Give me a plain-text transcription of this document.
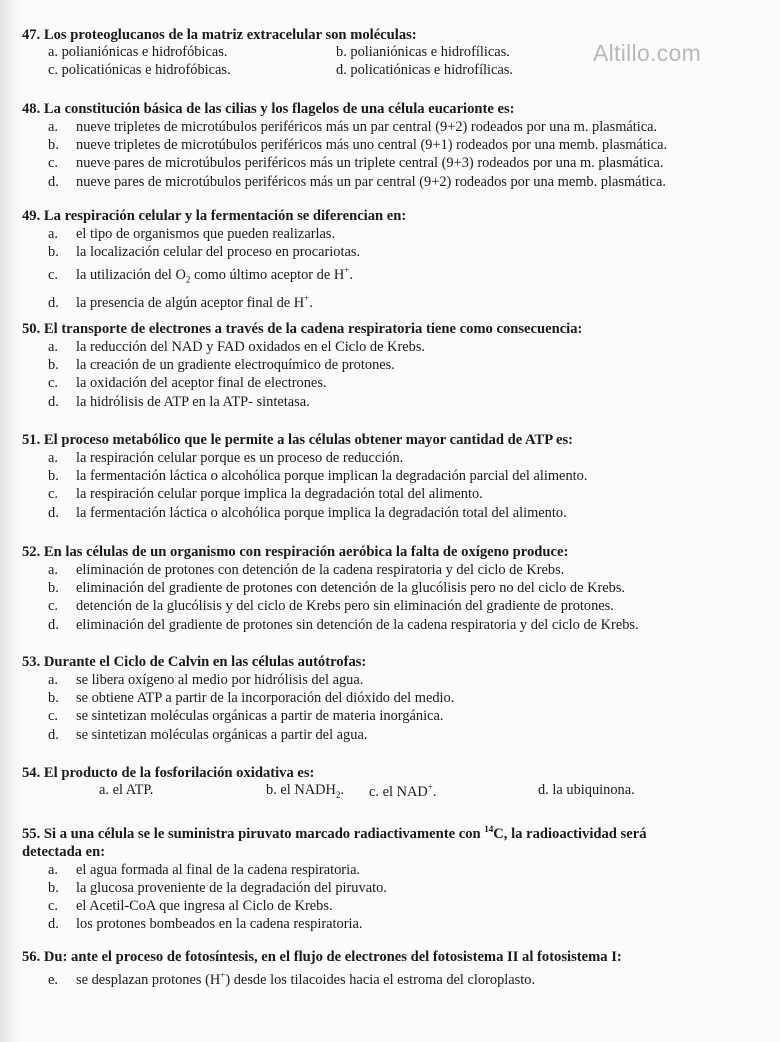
Altillo.com

47. Los proteoglucanos de la matriz extracelular son moléculas:

a. polianiónicas e hidrofóbicas.	b. polianiónicas e hidrofílicas.
c. policatiónicas e hidrofóbicas.	d. policatiónicas e hidrofílicas.

48. La constitución básica de las cilias y los flagelos de una célula eucarionte es:

a. nueve tripletes de microtúbulos periféricos más un par central (9+2) rodeados por una m. plasmática.
b. nueve tripletes de microtúbulos periféricos más uno central (9+1) rodeados por una memb. plasmática.
c. nueve pares de microtúbulos periféricos más un triplete central (9+3) rodeados por una m. plasmática.
d. nueve pares de microtúbulos periféricos más un par central (9+2) rodeados por una memb. plasmática.

49. La respiración celular y la fermentación se diferencian en:

a. el tipo de organismos que pueden realizarlas.
b. la localización celular del proceso en procariotas.
c. la utilización del $O_2$ como último aceptor de H+.
d. la presencia de algún aceptor final de H+.

50. El transporte de electrones a través de la cadena respiratoria tiene como consecuencia:

a. la reducción del NAD y FAD oxidados en el Ciclo de Krebs.
b. la creación de un gradiente electroquímico de protones.
c. la oxidación del aceptor final de electrones.
d. la hidrólisis de ATP en la ATP- sintetasa.

51. El proceso metabólico que le permite a las células obtener mayor cantidad de ATP es:

a. la respiración celular porque es un proceso de reducción.
b. la fermentación láctica o alcohólica porque implican la degradación parcial del alimento.
c. la respiración celular porque implica la degradación total del alimento.
d. la fermentación láctica o alcohólica porque implica la degradación total del alimento.

52. En las células de un organismo con respiración aeróbica la falta de oxígeno produce:

a. eliminación de protones con detención de la cadena respiratoria y del ciclo de Krebs.
b. eliminación del gradiente de protones con detención de la glucólisis pero no del ciclo de Krebs.
c. detención de la glucólisis y del ciclo de Krebs pero sin eliminación del gradiente de protones.
d. eliminación del gradiente de protones sin detención de la cadena respiratoria y del ciclo de Krebs.

53. Durante el Ciclo de Calvin en las células autótrofas:

a. se libera oxígeno al medio por hidrólisis del agua.
b. se obtiene ATP a partir de la incorporación del dióxido del medio.
c. se sintetizan moléculas orgánicas a partir de materia inorgánica.
d. se sintetizan moléculas orgánicas a partir del agua.

54. El producto de la fosforilación oxidativa es:

a. el ATP.	b. el $NADH_2$. c. el NAD+.	d. la ubiquinona.

55. Si a una célula se le suministra piruvato marcado radiactivamente con $^{14}$C, la radioactividad será

detectada en:

a. el agua formada al final de la cadena respiratoria.
b. la glucosa proveniente de la degradación del piruvato.
c. el Acetil-CoA que ingresa al Ciclo de Krebs.
d. los protones bombeados en la cadena respiratoria.

56. Du: ante el proceso de fotosíntesis, en el flujo de electrones del fotosistema II al fotosistema I:

e. se desplazan protones (H+) desde los tilacoides hacia el estroma del cloroplasto.
